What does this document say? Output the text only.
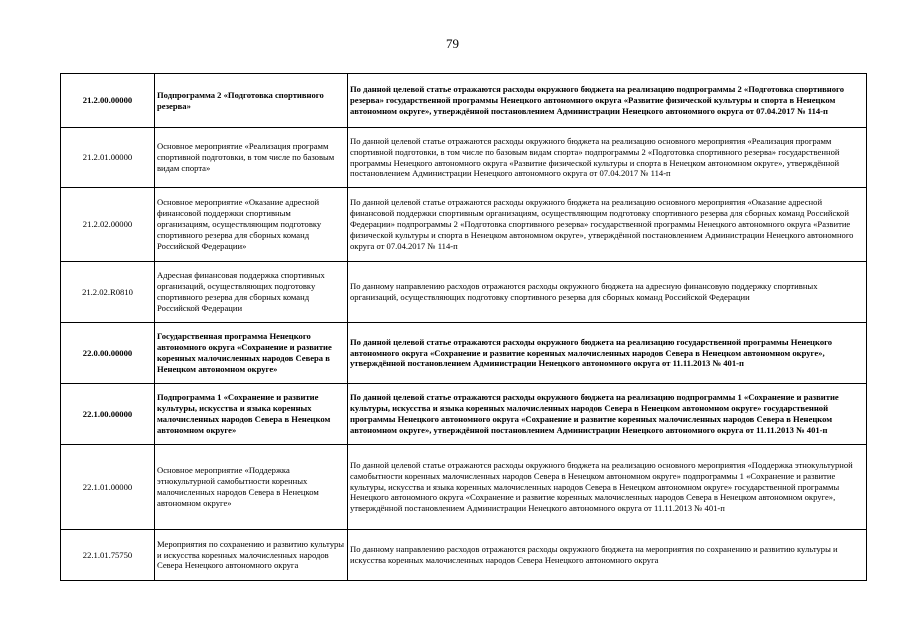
79
21.2.00.00000	Подпрограмма 2 «Подготовка спортивного резерва»	По данной целевой статье отражаются расходы окружного бюджета на реализацию подпрограммы 2 «Подготовка спортивного резерва» государственной программы Ненецкого автономного округа «Развитие физической культуры и спорта в Ненецком автономном округе», утверждённой постановлением Администрации Ненецкого автономного округа от 07.04.2017 № 114-п
21.2.01.00000	Основное мероприятие «Реализация программ спортивной подготовки, в том числе по базовым видам спорта»	По данной целевой статье отражаются расходы окружного бюджета на реализацию основного мероприятия «Реализация программ спортивной подготовки, в том числе по базовым видам спорта» подпрограммы 2 «Подготовка спортивного резерва» государственной программы Ненецкого автономного округа «Развитие физической культуры и спорта в Ненецком автономном округе», утверждённой постановлением Администрации Ненецкого автономного округа от 07.04.2017 № 114-п
21.2.02.00000	Основное мероприятие «Оказание адресной финансовой поддержки спортивным организациям, осуществляющим подготовку спортивного резерва для сборных команд Российской Федерации»	По данной целевой статье отражаются расходы окружного бюджета на реализацию основного мероприятия «Оказание адресной финансовой поддержки спортивным организациям, осуществляющим подготовку спортивного резерва для сборных команд Российской Федерации» подпрограммы 2 «Подготовка спортивного резерва» государственной программы Ненецкого автономного округа «Развитие физической культуры и спорта в Ненецком автономном округе», утверждённой постановлением Администрации Ненецкого автономного округа от 07.04.2017 № 114-п
21.2.02.R0810	Адресная финансовая поддержка спортивных организаций, осуществляющих подготовку спортивного резерва для сборных команд Российской Федерации	По данному направлению расходов отражаются расходы окружного бюджета на адресную финансовую поддержку спортивных организаций, осуществляющих подготовку спортивного резерва для сборных команд Российской Федерации
22.0.00.00000	Государственная программа Ненецкого автономного округа «Сохранение и развитие коренных малочисленных народов Севера в Ненецком автономном округе»	По данной целевой статье отражаются расходы окружного бюджета на реализацию государственной программы Ненецкого автономного округа «Сохранение и развитие коренных малочисленных народов Севера в Ненецком автономном округе», утверждённой постановлением Администрации Ненецкого автономного округа от 11.11.2013 № 401-п
22.1.00.00000	Подпрограмма 1 «Сохранение и развитие культуры, искусства и языка коренных малочисленных народов Севера в Ненецком автономном округе»	По данной целевой статье отражаются расходы окружного бюджета на реализацию подпрограммы 1 «Сохранение и развитие культуры, искусства и языка коренных малочисленных народов Севера в Ненецком автономном округе» государственной программы Ненецкого автономного округа «Сохранение и развитие коренных малочисленных народов Севера в Ненецком автономном округе», утверждённой постановлением Администрации Ненецкого автономного округа от 11.11.2013 № 401-п
22.1.01.00000	Основное мероприятие «Поддержка этнокультурной самобытности коренных малочисленных народов Севера в Ненецком автономном округе»	По данной целевой статье отражаются расходы окружного бюджета на реализацию основного мероприятия «Поддержка этнокультурной самобытности коренных малочисленных народов Севера в Ненецком автономном округе» подпрограммы 1 «Сохранение и развитие культуры, искусства и языка коренных малочисленных народов Севера в Ненецком автономном округе» государственной программы Ненецкого автономного округа «Сохранение и развитие коренных малочисленных народов Севера в Ненецком автономном округе», утверждённой постановлением Администрации Ненецкого автономного округа от 11.11.2013 № 401-п
22.1.01.75750	Мероприятия по сохранению и развитию культуры и искусства коренных малочисленных народов Севера Ненецкого автономного округа	По данному направлению расходов отражаются расходы окружного бюджета на мероприятия по сохранению и развитию культуры и искусства коренных малочисленных народов Севера Ненецкого автономного округа
